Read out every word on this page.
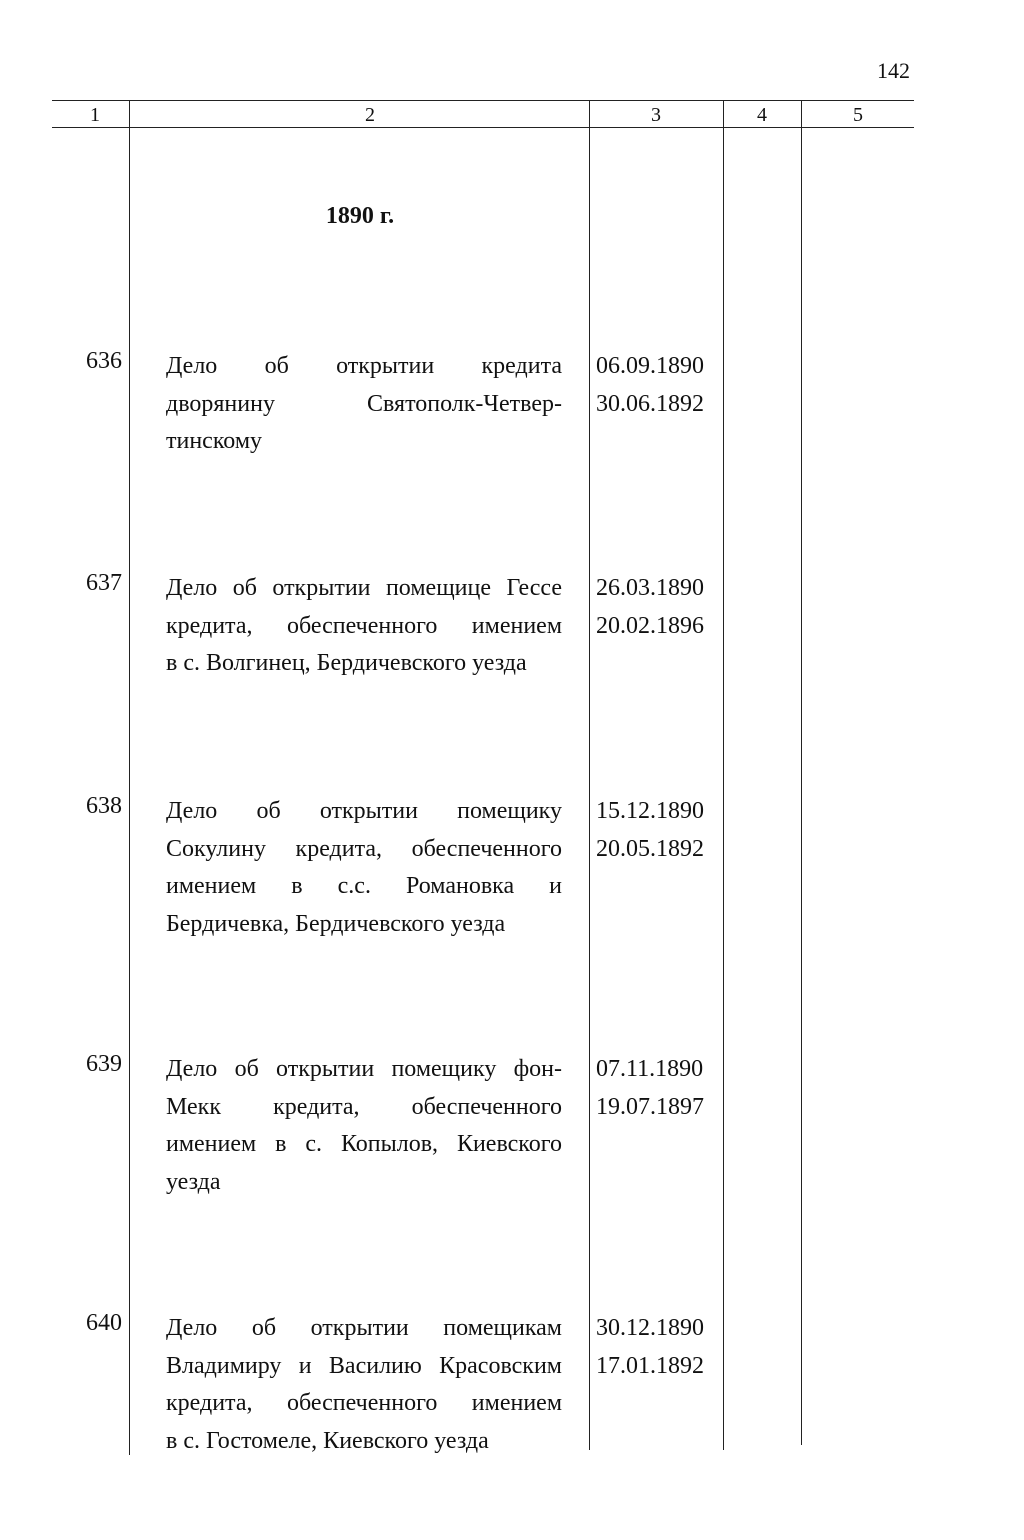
142
1	2	3	4	5
1890 г.
636 Дело об открытии кредита
дворянину Святополк-Четвер-
тинскому
06.09.1890
30.06.1892
637 Дело об открытии помещице Гессе
кредита, обеспеченного имением
в с. Волгинец, Бердичевского уезда
26.03.1890
20.02.1896
638 Дело об открытии помещику
Сокулину кредита, обеспеченного
имением в с.с. Романовка и
Бердичевка, Бердичевского уезда
15.12.1890
20.05.1892
639 Дело об открытии помещику фон-
Мекк кредита, обеспеченного
имением в с. Копылов, Киевского
уезда
07.11.1890
19.07.1897
640 Дело об открытии помещикам
Владимиру и Василию Красовским
кредита, обеспеченного имением
в с. Гостомеле, Киевского уезда
30.12.1890
17.01.1892
